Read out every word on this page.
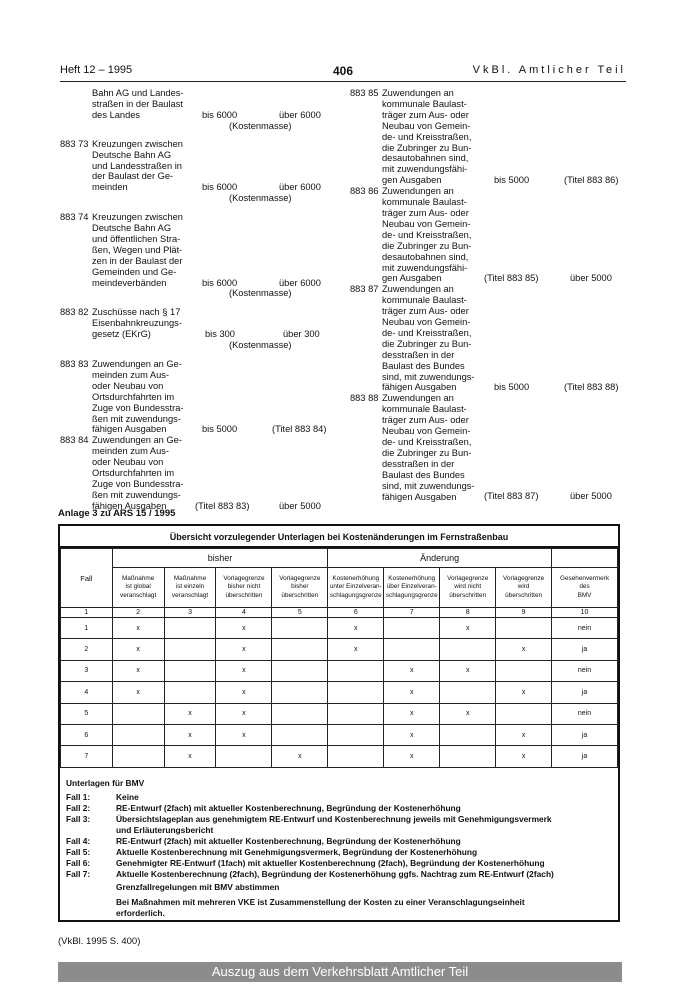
Heft 12 – 1995	406	VkBl. Amtlicher Teil
Bahn AG und Landes-
straßen in der Baulast
des Landes	bis 6000	über 6000
(Kostenmasse)
883 73 Kreuzungen zwischen
Deutsche Bahn AG
und Landesstraßen in
der Baulast der Ge-
meinden	bis 6000	über 6000
(Kostenmasse)
883 74 Kreuzungen zwischen
Deutsche Bahn AG
und öffentlichen Stra-
ßen, Wegen und Plät-
zen in der Baulast der
Gemeinden und Ge-
meindeverbänden	bis 6000	über 6000
(Kostenmasse)
883 82 Zuschüsse nach § 17
Eisenbahnkreuzungs-
gesetz (EKrG)	bis 300	über 300
(Kostenmasse)
883 83 Zuwendungen an Ge-
meinden zum Aus-
oder Neubau von
Ortsdurchfahrten im
Zuge von Bundesstra-
ßen mit zuwendungs-
fähigen Ausgaben	bis 5000	(Titel 883 84)
883 84 Zuwendungen an Ge-
meinden zum Aus-
oder Neubau von
Ortsdurchfahrten im
Zuge von Bundesstra-
ßen mit zuwendungs-
fähigen Ausgaben	(Titel 883 83)	über 5000
883 85 Zuwendungen an
kommunale Baulast-
träger zum Aus- oder
Neubau von Gemein-
de- und Kreisstraßen,
die Zubringer zu Bun-
desautobahnen sind,
mit zuwendungsfähi-
gen Ausgaben	bis 5000	(Titel 883 86)
883 86 Zuwendungen an
kommunale Baulast-
träger zum Aus- oder
Neubau von Gemein-
de- und Kreisstraßen,
die Zubringer zu Bun-
desautobahnen sind,
mit zuwendungsfähi-
gen Ausgaben	(Titel 883 85)	über 5000
883 87 Zuwendungen an
kommunale Baulast-
träger zum Aus- oder
Neubau von Gemein-
de- und Kreisstraßen,
die Zubringer zu Bun-
desstraßen in der
Baulast des Bundes
sind, mit zuwendungs-
fähigen Ausgaben	bis 5000	(Titel 883 88)
883 88 Zuwendungen an
kommunale Baulast-
träger zum Aus- oder
Neubau von Gemein-
de- und Kreisstraßen,
die Zubringer zu Bun-
desstraßen in der
Baulast des Bundes
sind, mit zuwendungs-
fähigen Ausgaben	(Titel 883 87)	über 5000
Anlage 3 zu ARS 15 / 1995
Übersicht vorzulegender Unterlagen bei Kostenänderungen im Fernstraßenbau
Fall	bisher				Änderung				
	Maßnahme
ist global
veranschlagt	Maßnahme
ist einzeln
veranschlagt	Vorlagegrenze
bisher nicht
überschritten	Vorlagegrenze
bisher
überschritten	Kostenerhöhung
unter Einzelveran-
schlagungsgrenze	Kostenerhöhung
über Einzelveran-
schlagungsgrenze	Vorlagegrenze
wird nicht
überschritten	Vorlagegrenze
wird
überschritten	Gesehenvermerk
des
BMV
1	2	3	4	5	6	7	8	9	10
1	x		x		x		x		nein
2	x		x		x			x	ja
3	x		x			x	x		nein
4	x		x			x		x	ja
5		x	x			x	x		nein
6		x	x			x		x	ja
7		x		x		x		x	ja
Unterlagen für BMV
Fall 1:	Keine
Fall 2:	RE-Entwurf (2fach) mit aktueller Kostenberechnung, Begründung der Kostenerhöhung
Fall 3:	Übersichtslageplan aus genehmigtem RE-Entwurf und Kostenberechnung jeweils mit Genehmigungsvermerk
und Erläuterungsbericht
Fall 4:	RE-Entwurf (2fach) mit aktueller Kostenberechnung, Begründung der Kostenerhöhung
Fall 5:	Aktuelle Kostenberechnung mit Genehmigungsvermerk, Begründung der Kostenerhöhung
Fall 6:	Genehmigter RE-Entwurf (1fach) mit aktueller Kostenberechnung (2fach), Begründung der Kostenerhöhung
Fall 7:	Aktuelle Kostenberechnung (2fach), Begründung der Kostenerhöhung ggfs. Nachtrag zum RE-Entwurf (2fach)
Grenzfallregelungen mit BMV abstimmen
Bei Maßnahmen mit mehreren VKE ist Zusammenstellung der Kosten zu einer Veranschlagungseinheit
erforderlich.
(VkBl. 1995 S. 400)
Auszug aus dem Verkehrsblatt Amtlicher Teil
